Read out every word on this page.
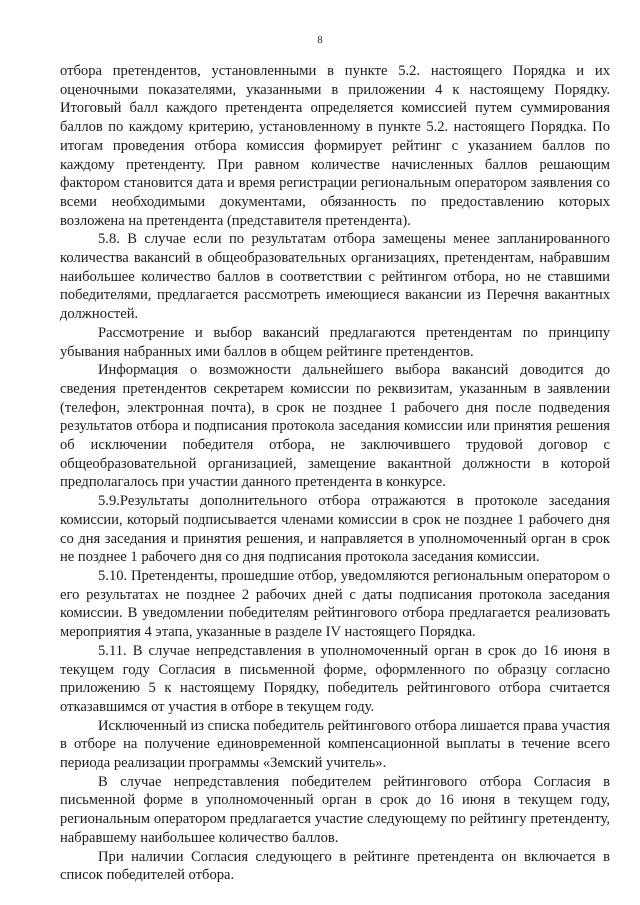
8

отбора претендентов, установленными в пункте 5.2. настоящего Порядка и их оценочными показателями, указанными в приложении 4 к настоящему Порядку. Итоговый балл каждого претендента определяется комиссией путем суммирования баллов по каждому критерию, установленному в пункте 5.2. настоящего Порядка. По итогам проведения отбора комиссия формирует рейтинг с указанием баллов по каждому претенденту. При равном количестве начисленных баллов решающим фактором становится дата и время регистрации региональным оператором заявления со всеми необходимыми документами, обязанность по предоставлению которых возложена на претендента (представителя претендента).

5.8. В случае если по результатам отбора замещены менее запланированного количества вакансий в общеобразовательных организациях, претендентам, набравшим наибольшее количество баллов в соответствии с рейтингом отбора, но не ставшими победителями, предлагается рассмотреть имеющиеся вакансии из Перечня вакантных должностей.

Рассмотрение и выбор вакансий предлагаются претендентам по принципу убывания набранных ими баллов в общем рейтинге претендентов.

Информация о возможности дальнейшего выбора вакансий доводится до сведения претендентов секретарем комиссии по реквизитам, указанным в заявлении (телефон, электронная почта), в срок не позднее 1 рабочего дня после подведения результатов отбора и подписания протокола заседания комиссии или принятия решения об исключении победителя отбора, не заключившего трудовой договор с общеобразовательной организацией, замещение вакантной должности в которой предполагалось при участии данного претендента в конкурсе.

5.9.Результаты дополнительного отбора отражаются в протоколе заседания комиссии, который подписывается членами комиссии в срок не позднее 1 рабочего дня со дня заседания и принятия решения, и направляется в уполномоченный орган в срок не позднее 1 рабочего дня со дня подписания протокола заседания комиссии.

5.10. Претенденты, прошедшие отбор, уведомляются региональным оператором о его результатах не позднее 2 рабочих дней с даты подписания протокола заседания комиссии. В уведомлении победителям рейтингового отбора предлагается реализовать мероприятия 4 этапа, указанные в разделе IV настоящего Порядка.

5.11. В случае непредставления в уполномоченный орган в срок до 16 июня в текущем году Согласия в письменной форме, оформленного по образцу согласно приложению 5 к настоящему Порядку, победитель рейтингового отбора считается отказавшимся от участия в отборе в текущем году.

Исключенный из списка победитель рейтингового отбора лишается права участия в отборе на получение единовременной компенсационной выплаты в течение всего периода реализации программы «Земский учитель».

В случае непредставления победителем рейтингового отбора Согласия в письменной форме в уполномоченный орган в срок до 16 июня в текущем году, региональным оператором предлагается участие следующему по рейтингу претенденту, набравшему наибольшее количество баллов.

При наличии Согласия следующего в рейтинге претендента он включается в список победителей отбора.
